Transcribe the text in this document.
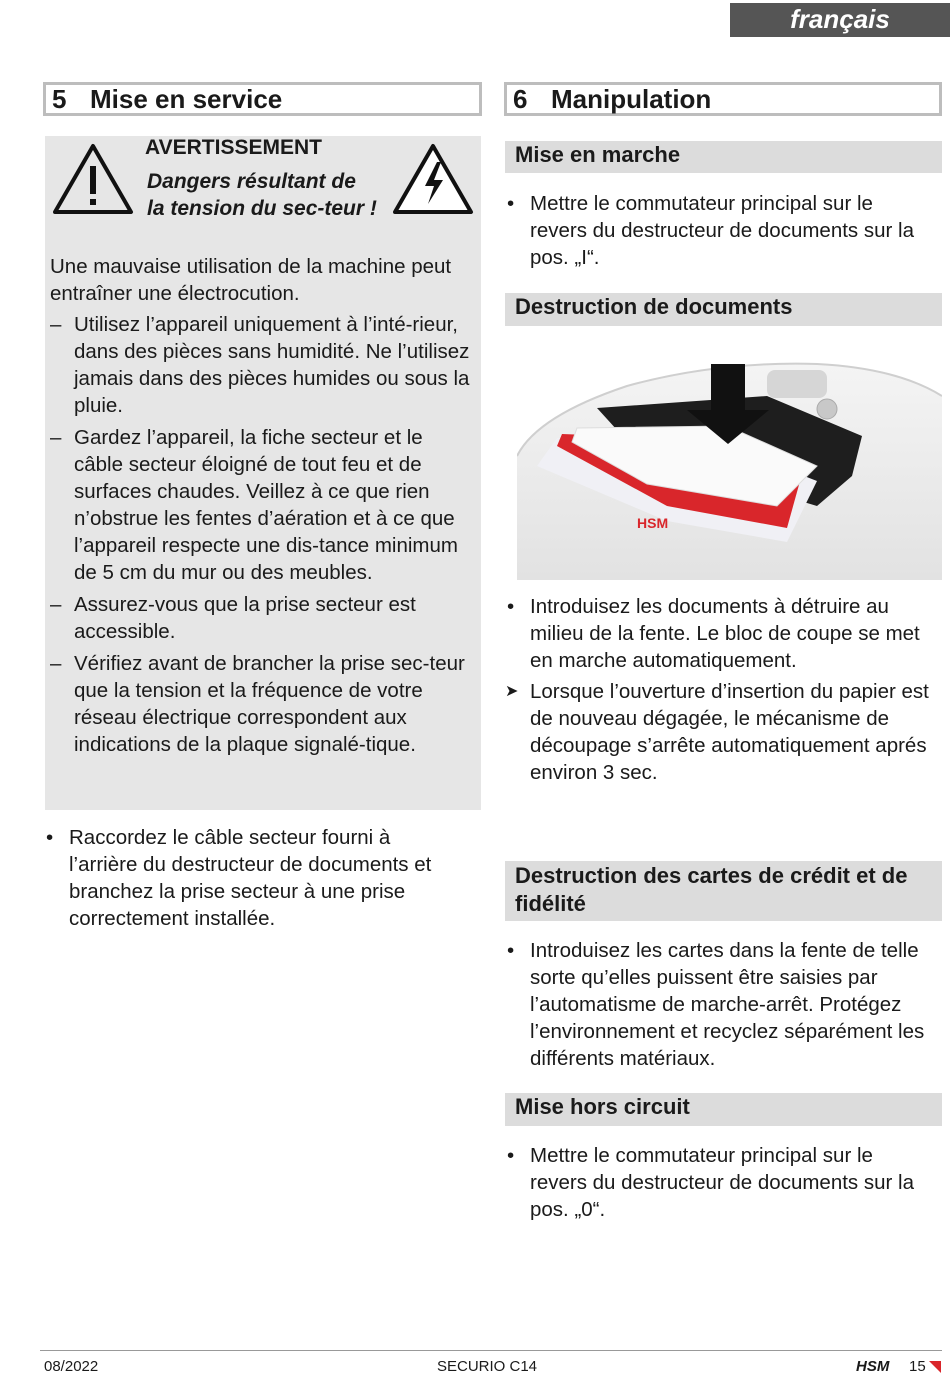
français
5 Mise en service	6 Manipulation
AVERTISSEMENT
Dangers résultant de la tension du sec-teur !
Une mauvaise utilisation de la machine peut entraîner une électrocution.
– Utilisez l’appareil uniquement à l’inté-rieur, dans des pièces sans humidité. Ne l’utilisez jamais dans des pièces humides ou sous la pluie.
– Gardez l’appareil, la fiche secteur et le câble secteur éloigné de tout feu et de surfaces chaudes. Veillez à ce que rien n’obstrue les fentes d’aération et à ce que l’appareil respecte une dis-tance minimum de 5 cm du mur ou des meubles.
– Assurez-vous que la prise secteur est accessible.
– Vérifiez avant de brancher la prise sec-teur que la tension et la fréquence de votre réseau électrique correspondent aux indications de la plaque signalé-tique.
• Raccordez le câble secteur fourni à l’arrière du destructeur de documents et branchez la prise secteur à une prise correctement installée.
Mise en marche
• Mettre le commutateur principal sur le revers du destructeur de documents sur la pos. „I“.
Destruction de documents
HSM
• Introduisez les documents à détruire au milieu de la fente. Le bloc de coupe se met en marche automatiquement.
➤ Lorsque l’ouverture d’insertion du papier est de nouveau dégagée, le mécanisme de découpage s’arrête automatiquement aprés environ 3 sec.
Destruction des cartes de crédit et de fidélité
• Introduisez les cartes dans la fente de telle sorte qu’elles puissent être saisies par l’automatisme de marche-arrêt. Protégez l’environnement et recyclez séparément les différents matériaux.
Mise hors circuit
• Mettre le commutateur principal sur le revers du destructeur de documents sur la pos. „0“.
08/2022	SECURIO C14	HSM 15
